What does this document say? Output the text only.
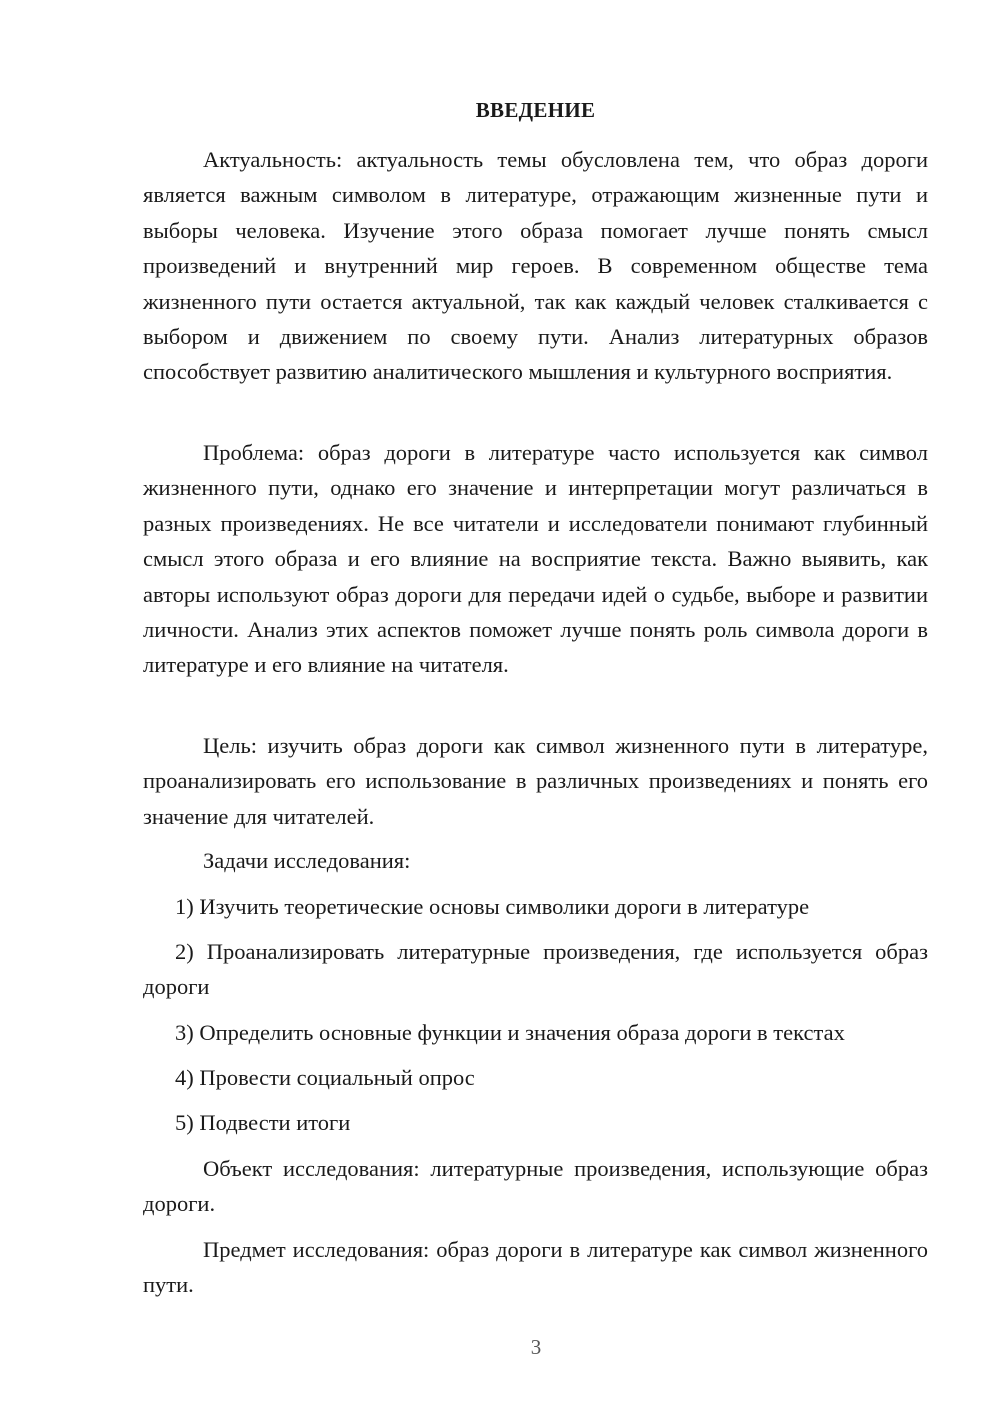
ВВЕДЕНИЕ

Актуальность: актуальность темы обусловлена тем, что образ дороги является важным символом в литературе, отражающим жизненные пути и выборы человека. Изучение этого образа помогает лучше понять смысл произведений и внутренний мир героев. В современном обществе тема жизненного пути остается актуальной, так как каждый человек сталкивается с выбором и движением по своему пути. Анализ литературных образов способствует развитию аналитического мышления и культурного восприятия.

Проблема: образ дороги в литературе часто используется как символ жизненного пути, однако его значение и интерпретации могут различаться в разных произведениях. Не все читатели и исследователи понимают глубинный смысл этого образа и его влияние на восприятие текста. Важно выявить, как авторы используют образ дороги для передачи идей о судьбе, выборе и развитии личности. Анализ этих аспектов поможет лучше понять роль символа дороги в литературе и его влияние на читателя.

Цель: изучить образ дороги как символ жизненного пути в литературе, проанализировать его использование в различных произведениях и понять его значение для читателей.

Задачи исследования:

1) Изучить теоретические основы символики дороги в литературе

2) Проанализировать литературные произведения, где используется образ дороги

3) Определить основные функции и значения образа дороги в текстах

4) Провести социальный опрос

5) Подвести итоги

Объект исследования: литературные произведения, использующие образ дороги.

Предмет исследования: образ дороги в литературе как символ жизненного пути.

3
